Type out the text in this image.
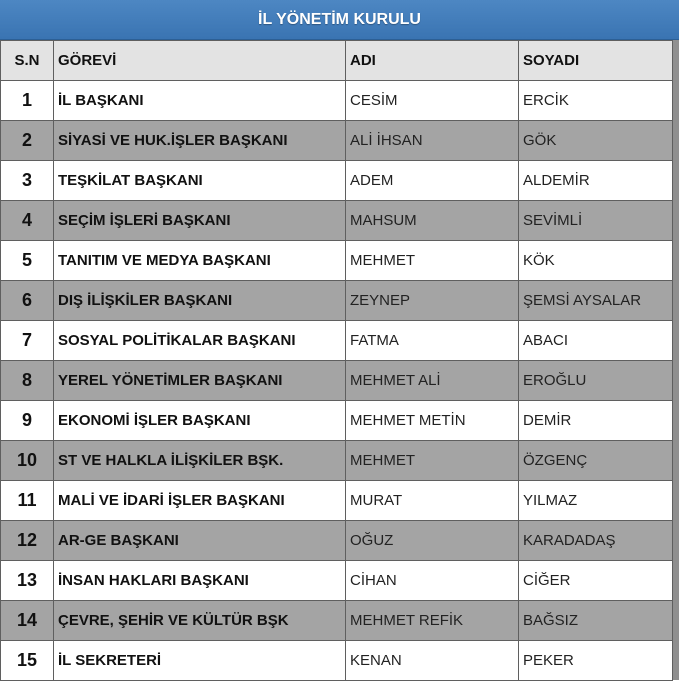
İL YÖNETİM KURULU
S.N	GÖREVİ	ADI	SOYADI
1	İL BAŞKANI	CESİM	ERCİK
2	SİYASİ VE HUK.İŞLER BAŞKANI	ALİ İHSAN	GÖK
3	TEŞKİLAT BAŞKANI	ADEM	ALDEMİR
4	SEÇİM İŞLERİ BAŞKANI	MAHSUM	SEVİMLİ
5	TANITIM VE MEDYA BAŞKANI	MEHMET	KÖK
6	DIŞ İLİŞKİLER BAŞKANI	ZEYNEP	ŞEMSİ AYSALAR
7	SOSYAL POLİTİKALAR BAŞKANI	FATMA	ABACI
8	YEREL YÖNETİMLER BAŞKANI	MEHMET ALİ	EROĞLU
9	EKONOMİ İŞLER BAŞKANI	MEHMET METİN	DEMİR
10	ST VE HALKLA İLİŞKİLER BŞK.	MEHMET	ÖZGENÇ
11	MALİ VE İDARİ İŞLER BAŞKANI	MURAT	YILMAZ
12	AR-GE BAŞKANI	OĞUZ	KARADADAŞ
13	İNSAN HAKLARI BAŞKANI	CİHAN	CİĞER
14	ÇEVRE, ŞEHİR VE KÜLTÜR BŞK	MEHMET REFİK	BAĞSIZ
15	İL SEKRETERİ	KENAN	PEKER
